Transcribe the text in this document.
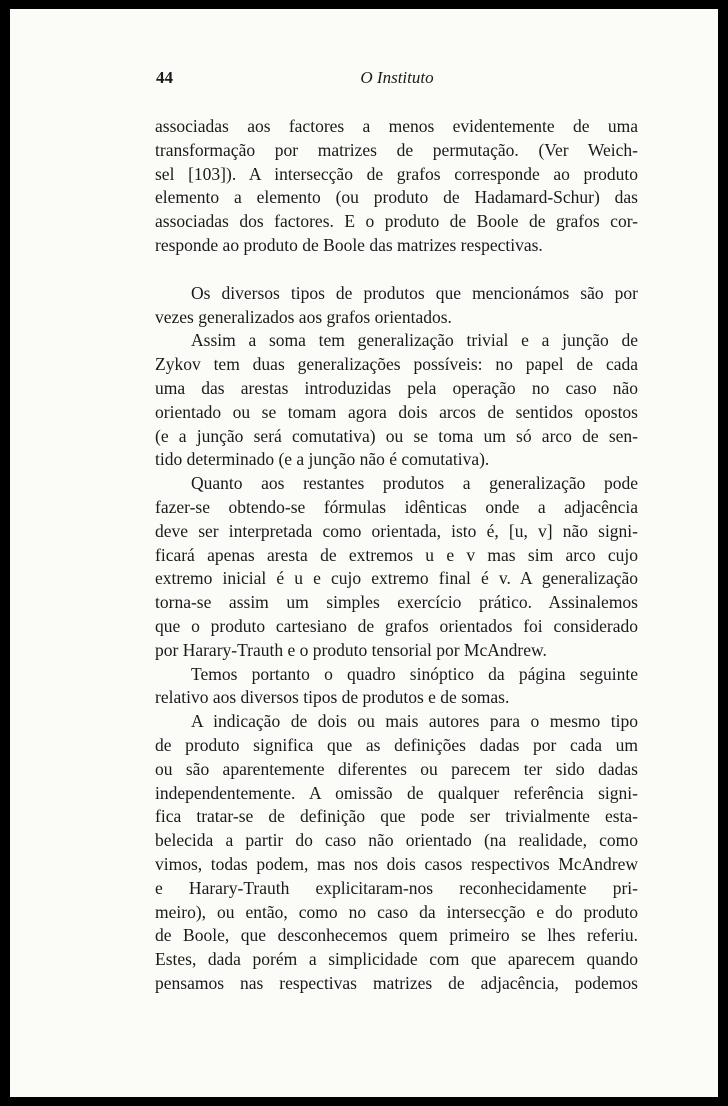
44	O Instituto
associadas aos factores a menos evidentemente de uma
transformação por matrizes de permutação. (Ver Weich-
sel [103]). A intersecção de grafos corresponde ao produto
elemento a elemento (ou produto de Hadamard-Schur) das
associadas dos factores. E o produto de Boole de grafos cor-
responde ao produto de Boole das matrizes respectivas.
Os diversos tipos de produtos que mencionámos são por
vezes generalizados aos grafos orientados.
Assim a soma tem generalização trivial e a junção de
Zykov tem duas generalizações possíveis: no papel de cada
uma das arestas introduzidas pela operação no caso não
orientado ou se tomam agora dois arcos de sentidos opostos
(e a junção será comutativa) ou se toma um só arco de sen-
tido determinado (e a junção não é comutativa).
Quanto aos restantes produtos a generalização pode
fazer-se obtendo-se fórmulas idênticas onde a adjacência
deve ser interpretada como orientada, isto é, [u, v] não signi-
ficará apenas aresta de extremos u e v mas sim arco cujo
extremo inicial é u e cujo extremo final é v. A generalização
torna-se assim um simples exercício prático. Assinalemos
que o produto cartesiano de grafos orientados foi considerado
por Harary-Trauth e o produto tensorial por McAndrew.
Temos portanto o quadro sinóptico da página seguinte
relativo aos diversos tipos de produtos e de somas.
A indicação de dois ou mais autores para o mesmo tipo
de produto significa que as definições dadas por cada um
ou são aparentemente diferentes ou parecem ter sido dadas
independentemente. A omissão de qualquer referência signi-
fica tratar-se de definição que pode ser trivialmente esta-
belecida a partir do caso não orientado (na realidade, como
vimos, todas podem, mas nos dois casos respectivos McAndrew
e Harary-Trauth explicitaram-nos reconhecidamente pri-
meiro), ou então, como no caso da intersecção e do produto
de Boole, que desconhecemos quem primeiro se lhes referiu.
Estes, dada porém a simplicidade com que aparecem quando
pensamos nas respectivas matrizes de adjacência, podemos
